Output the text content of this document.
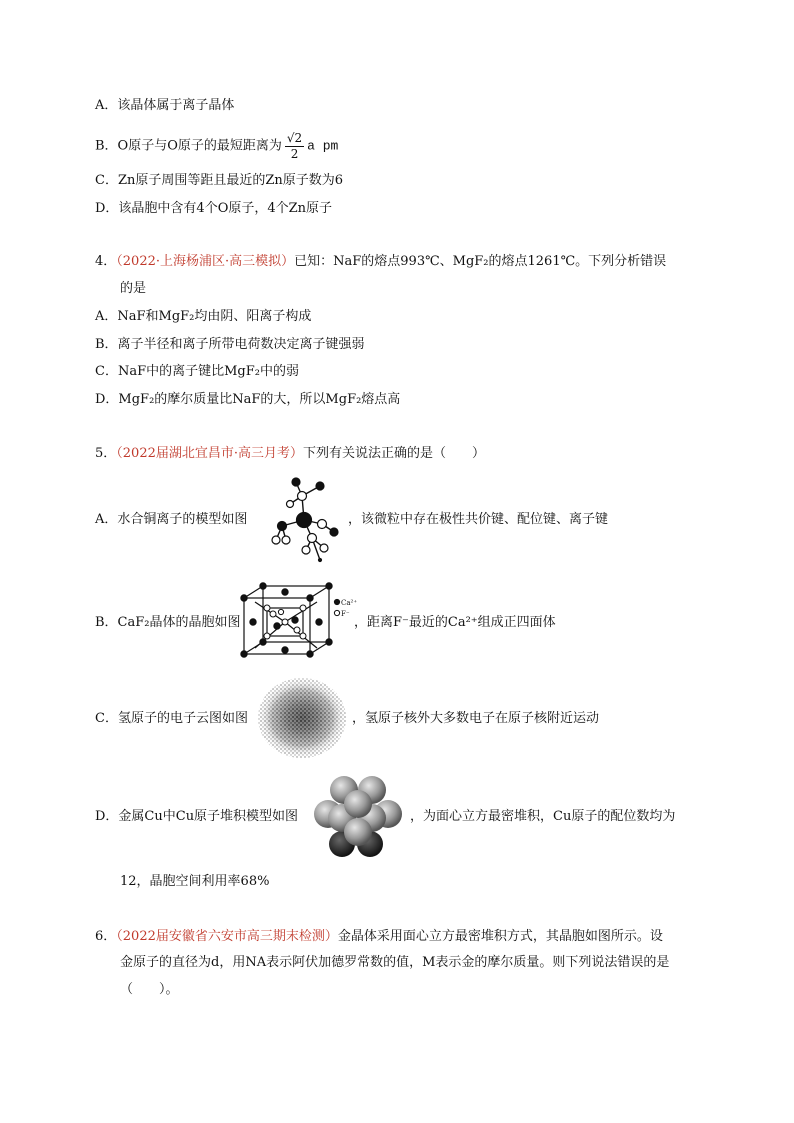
A．该晶体属于离子晶体
B．O原子与O原子的最短距离为 $\frac{√2}{2}$ a pm
C．Zn原子周围等距且最近的Zn原子数为6
D．该晶胞中含有4个O原子，4个Zn原子
4．（2022·上海杨浦区·高三模拟）已知：NaF的熔点993℃、MgF₂的熔点1261℃。下列分析错误
的是
A．NaF和MgF₂均由阴、阳离子构成
B．离子半径和离子所带电荷数决定离子键强弱
C．NaF中的离子键比MgF₂中的弱
D．MgF₂的摩尔质量比NaF的大，所以MgF₂熔点高
5．（2022届湖北宜昌市·高三月考）下列有关说法正确的是（　　）
A．水合铜离子的模型如图	，该微粒中存在极性共价键、配位键、离子键
B．CaF₂晶体的晶胞如图
Ca²⁺
F⁻
，距离F⁻最近的Ca²⁺组成正四面体
C．氢原子的电子云图如图	，氢原子核外大多数电子在原子核附近运动
D．金属Cu中Cu原子堆积模型如图	，为面心立方最密堆积，Cu原子的配位数均为
12，晶胞空间利用率68%
6．（2022届安徽省六安市高三期末检测）金晶体采用面心立方最密堆积方式，其晶胞如图所示。设
金原子的直径为d，用NA表示阿伏加德罗常数的值，M表示金的摩尔质量。则下列说法错误的是
（　　）。
